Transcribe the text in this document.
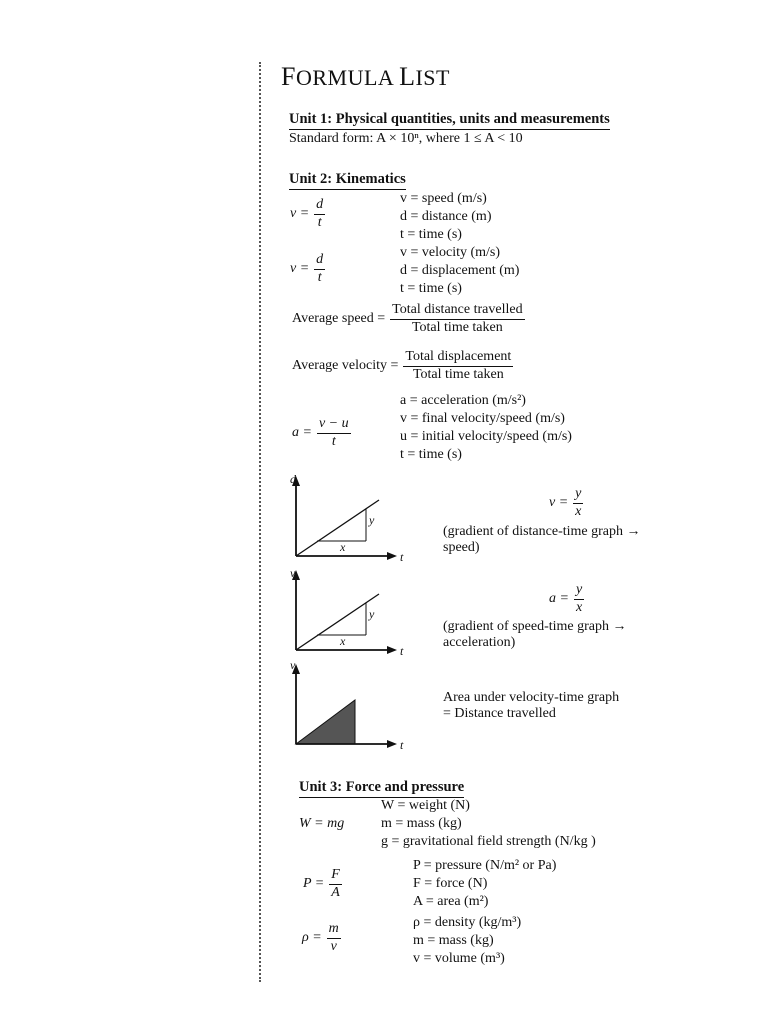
FORMULA LIST
Unit 1: Physical quantities, units and measurements
Standard form: A × 10ⁿ, where 1 ≤ A < 10
Unit 2: Kinematics
$v = \frac{d}{t}$	v = speed (m/s)
d = distance (m)
t = time (s)
$v = \frac{d}{t}$
v = velocity (m/s)
d = displacement (m)
t = time (s)
Average speed = $\frac{\text{Total distance travelled}}{\text{Total time taken}}$
Average velocity = $\frac{\text{Total displacement}}{\text{Total time taken}}$
$a = \frac{v - u}{t}$
a = acceleration (m/s²)
v = final velocity/speed (m/s)
u = initial velocity/speed (m/s)
t = time (s)
d
t
y
x
$v = \frac{y}{x}$
(gradient of distance-time graph →
speed)
v
t
y
x
$a = \frac{y}{x}$
(gradient of speed-time graph →
acceleration)
v
t
Area under velocity-time graph
= Distance travelled
Unit 3: Force and pressure
W = mg
W = weight (N)
m = mass (kg)
g = gravitational field strength (N/kg )
$P = \frac{F}{A}$
P = pressure (N/m² or Pa)
F = force (N)
A = area (m²)
$\rho = \frac{m}{v}$	ρ = density (kg/m³)
m = mass (kg)
v = volume (m³)
